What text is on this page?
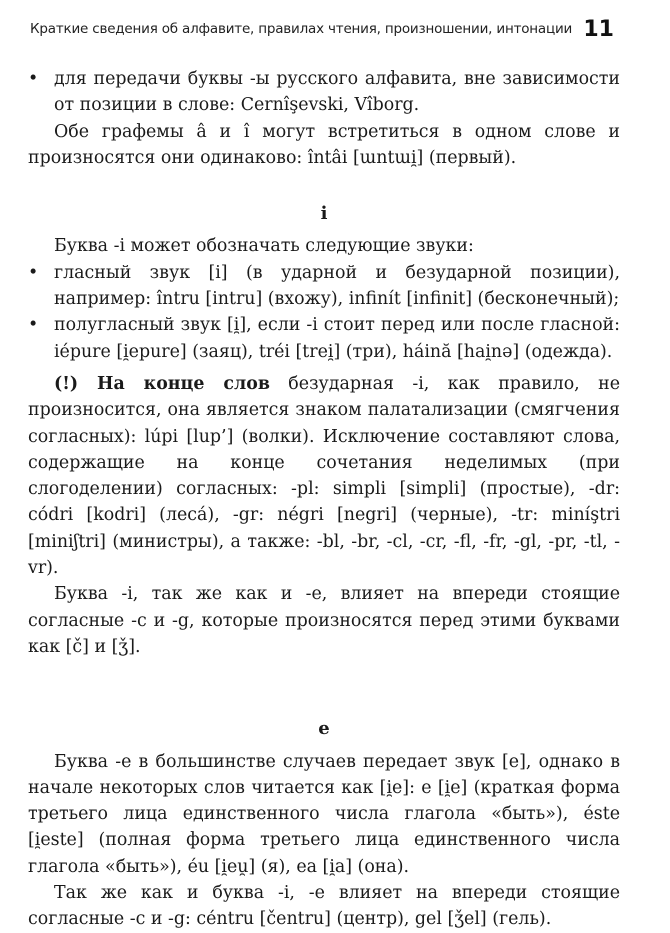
Краткие сведения об алфавите, правилах чтения, произношении, интонации 11

• для передачи буквы -ы русского алфавита, вне зависимости от позиции в слове: Cernîşevski, Vîborg.

Обе графемы â и î могут встретиться в одном слове и произносятся они одинаково: întâi [ɯntɯi̯] (первый).

i

Буква -i может обозначать следующие звуки:

• гласный звук [i] (в ударной и безударной позиции), например: întru [intru] (вхожу), infinít [infinit] (бесконечный);

• полугласный звук [i̯], если -i стоит перед или после гласной: iépure [i̯epure] (заяц), tréi [trei̯] (три), háină [hai̯nə] (одежда).

(!) На конце слов безударная -i, как правило, не произносится, она является знаком палатализации (смягчения согласных): lúpi [lup’] (волки). Исключение составляют слова, содержащие на конце сочетания неделимых (при слогоделении) согласных: -pl: simpli [simpli] (простые), -dr: códri [kodri] (лесá), -gr: négri [negri] (черные), -tr: miníştri [miniʃtri] (министры), а также: -bl, -br, -cl, -cr, -fl, -fr, -gl, -pr, -tl, -vr).

Буква -i, так же как и -e, влияет на впереди стоящие согласные -c и -g, которые произносятся перед этими буквами как [č] и [ǯ].

e

Буква -e в большинстве случаев передает звук [e], однако в начале некоторых слов читается как [i̯e]: e [i̯e] (краткая форма третьего лица единственного числа глагола «быть»), éste [i̯este] (полная форма третьего лица единственного числа глагола «быть»), éu [i̯eu̯] (я), ea [i̯a] (она).

Так же как и буква -i, -e влияет на впереди стоящие согласные -c и -g: céntru [čentru] (центр), gel [ǯel] (гель).
